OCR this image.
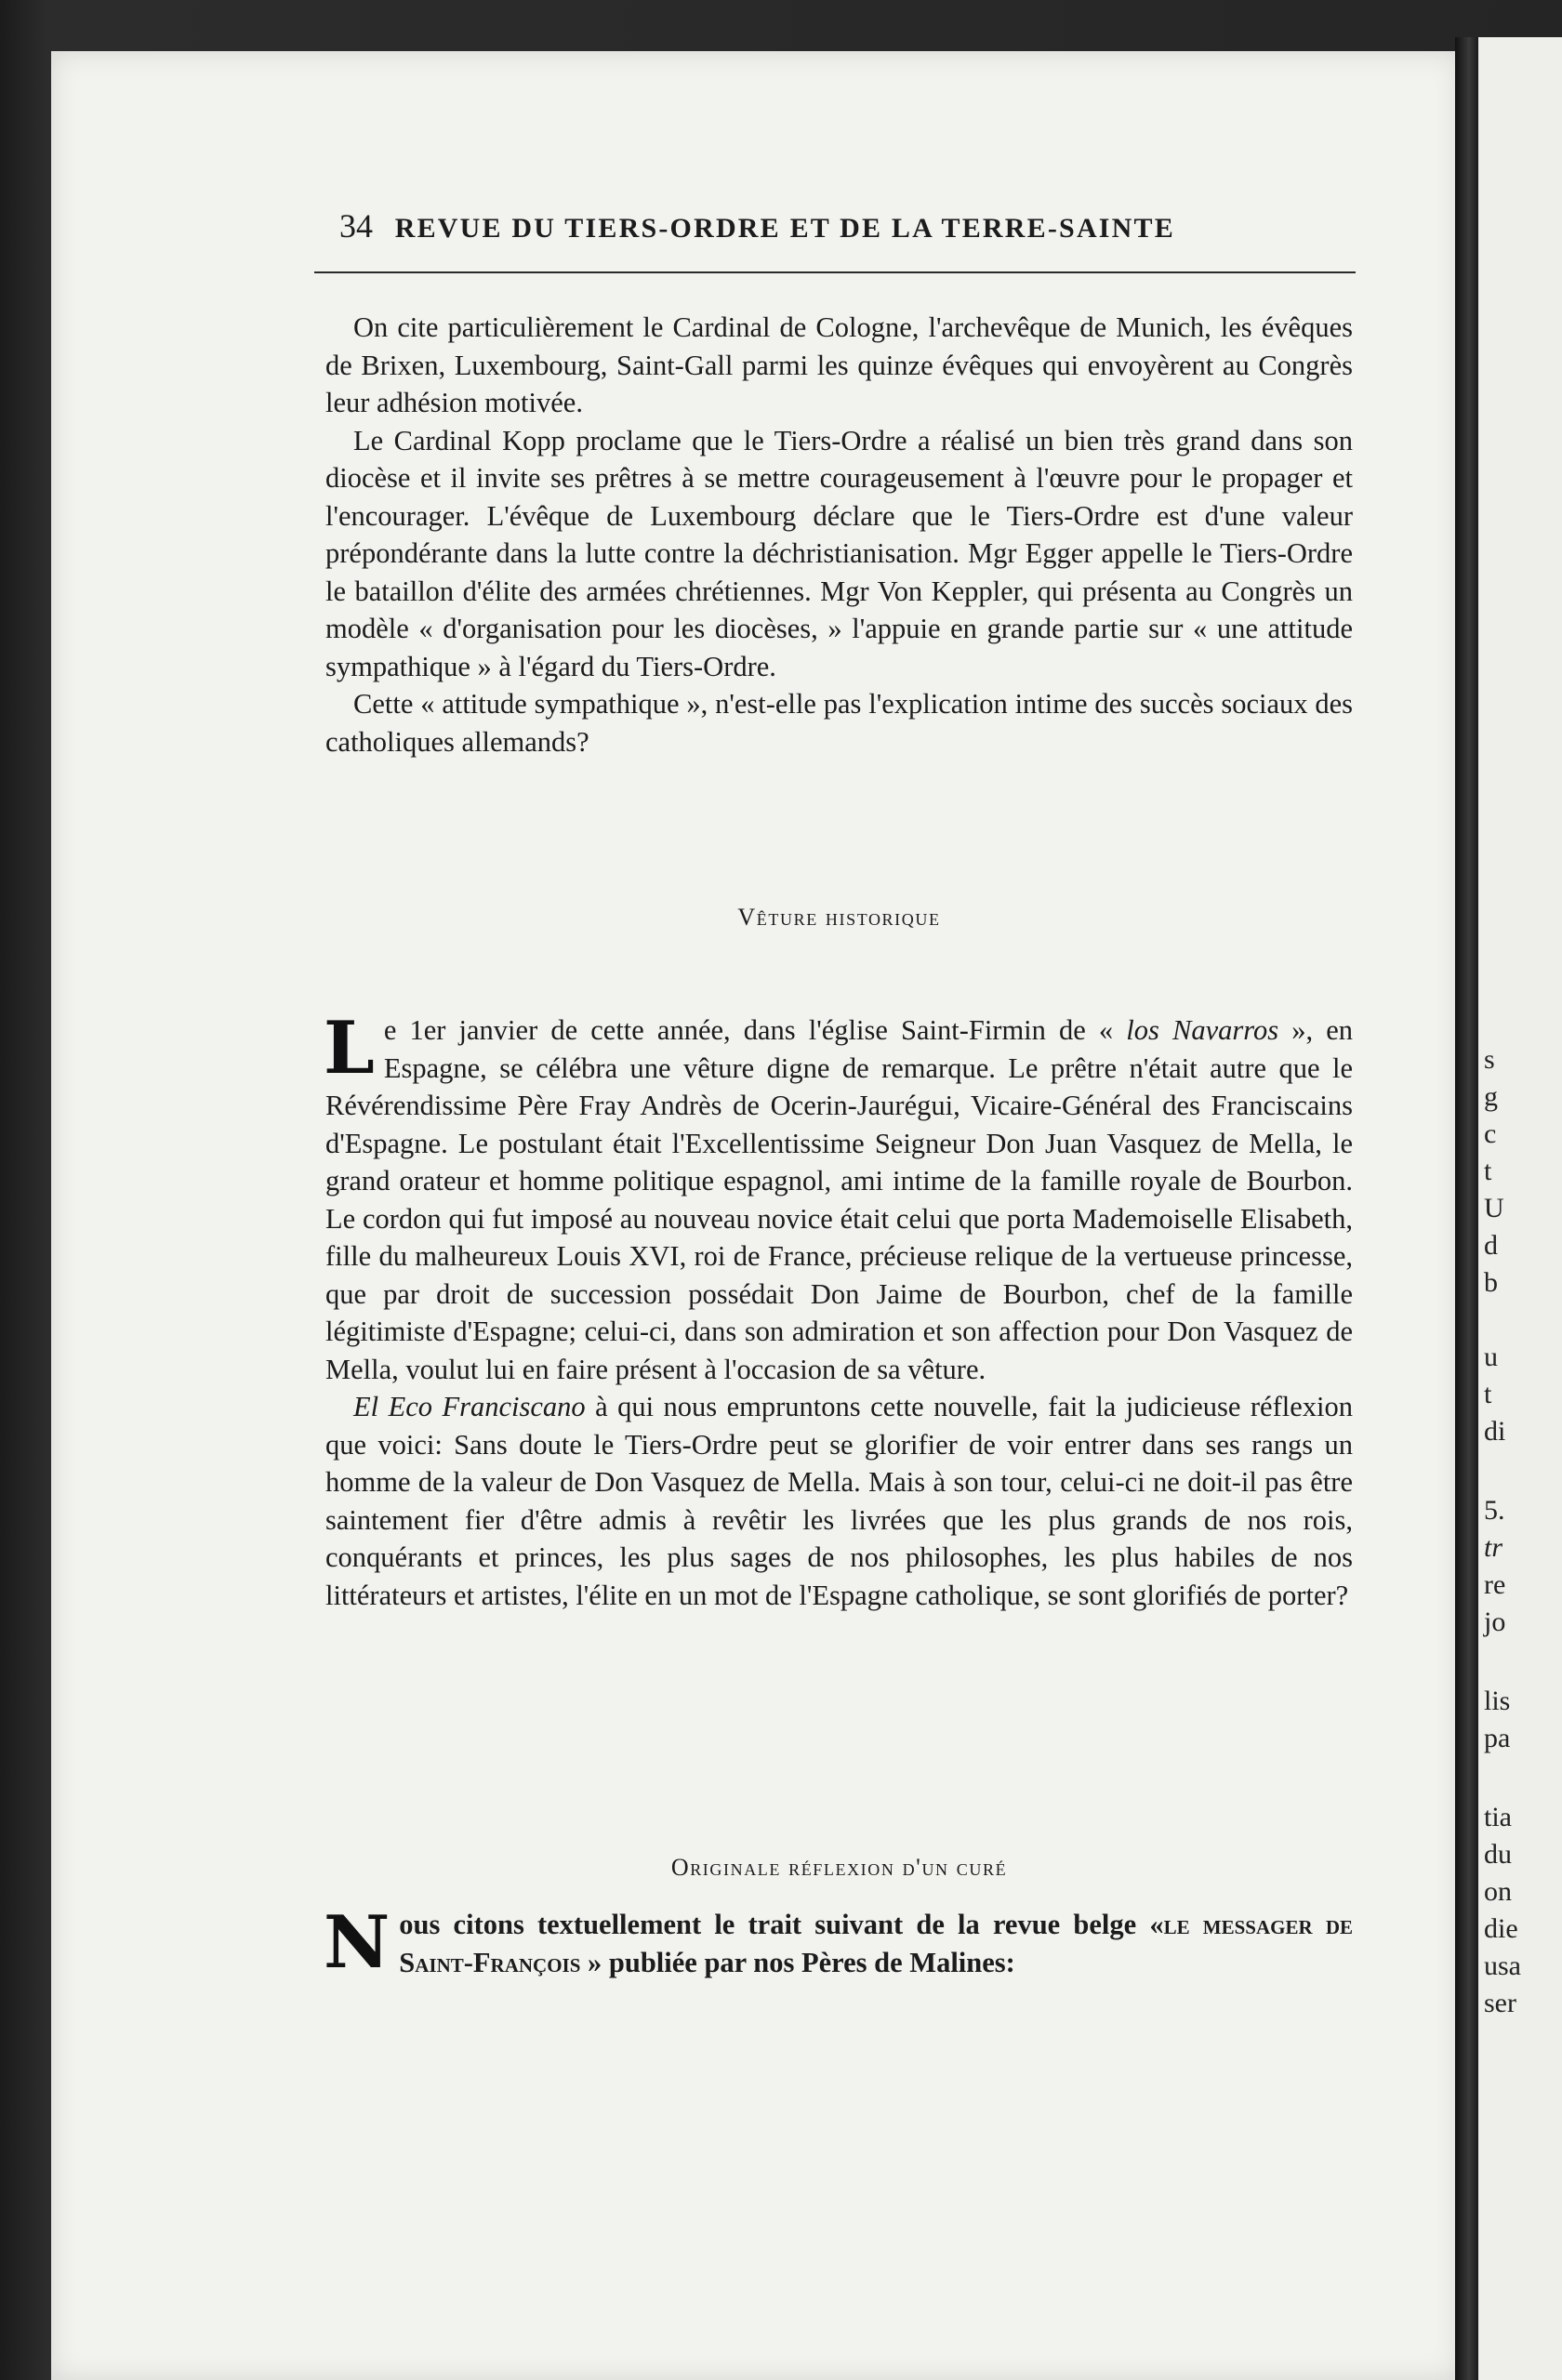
s
g
c
t
U
d
b
u
t
di
5.
tr
re
jo
lis
pa
tia
du
on
die
usa
ser
34 REVUE DU TIERS-ORDRE ET DE LA TERRE-SAINTE

On cite particulièrement le Cardinal de Cologne, l'archevêque de Munich, les évêques de Brixen, Luxembourg, Saint-Gall parmi les quinze évêques qui envoyèrent au Congrès leur adhésion motivée.

Le Cardinal Kopp proclame que le Tiers-Ordre a réalisé un bien très grand dans son diocèse et il invite ses prêtres à se mettre courageusement à l'œuvre pour le propager et l'encourager. L'évêque de Luxembourg déclare que le Tiers-Ordre est d'une valeur prépondérante dans la lutte contre la déchristianisation. Mgr Egger appelle le Tiers-Ordre le bataillon d'élite des armées chrétiennes. Mgr Von Keppler, qui présenta au Congrès un modèle « d'organisation pour les diocèses, » l'appuie en grande partie sur « une attitude sympathique » à l'égard du Tiers-Ordre.

Cette « attitude sympathique », n'est-elle pas l'explication intime des succès sociaux des catholiques allemands?

Vêture historique

Le 1er janvier de cette année, dans l'église Saint-Firmin de « los Navarros », en Espagne, se célébra une vêture digne de remarque. Le prêtre n'était autre que le Révérendissime Père Fray Andrès de Ocerin-Jaurégui, Vicaire-Général des Franciscains d'Espagne. Le postulant était l'Excellentissime Seigneur Don Juan Vasquez de Mella, le grand orateur et homme politique espagnol, ami intime de la famille royale de Bourbon. Le cordon qui fut imposé au nouveau novice était celui que porta Mademoiselle Elisabeth, fille du malheureux Louis XVI, roi de France, précieuse relique de la vertueuse princesse, que par droit de succession possédait Don Jaime de Bourbon, chef de la famille légitimiste d'Espagne; celui-ci, dans son admiration et son affection pour Don Vasquez de Mella, voulut lui en faire présent à l'occasion de sa vêture.

El Eco Franciscano à qui nous empruntons cette nouvelle, fait la judicieuse réflexion que voici: Sans doute le Tiers-Ordre peut se glorifier de voir entrer dans ses rangs un homme de la valeur de Don Vasquez de Mella. Mais à son tour, celui-ci ne doit-il pas être saintement fier d'être admis à revêtir les livrées que les plus grands de nos rois, conquérants et princes, les plus sages de nos philosophes, les plus habiles de nos littérateurs et artistes, l'élite en un mot de l'Espagne catholique, se sont glorifiés de porter?

Originale réflexion d'un curé

Nous citons textuellement le trait suivant de la revue belge «le messager de Saint-François » publiée par nos Pères de Malines:
